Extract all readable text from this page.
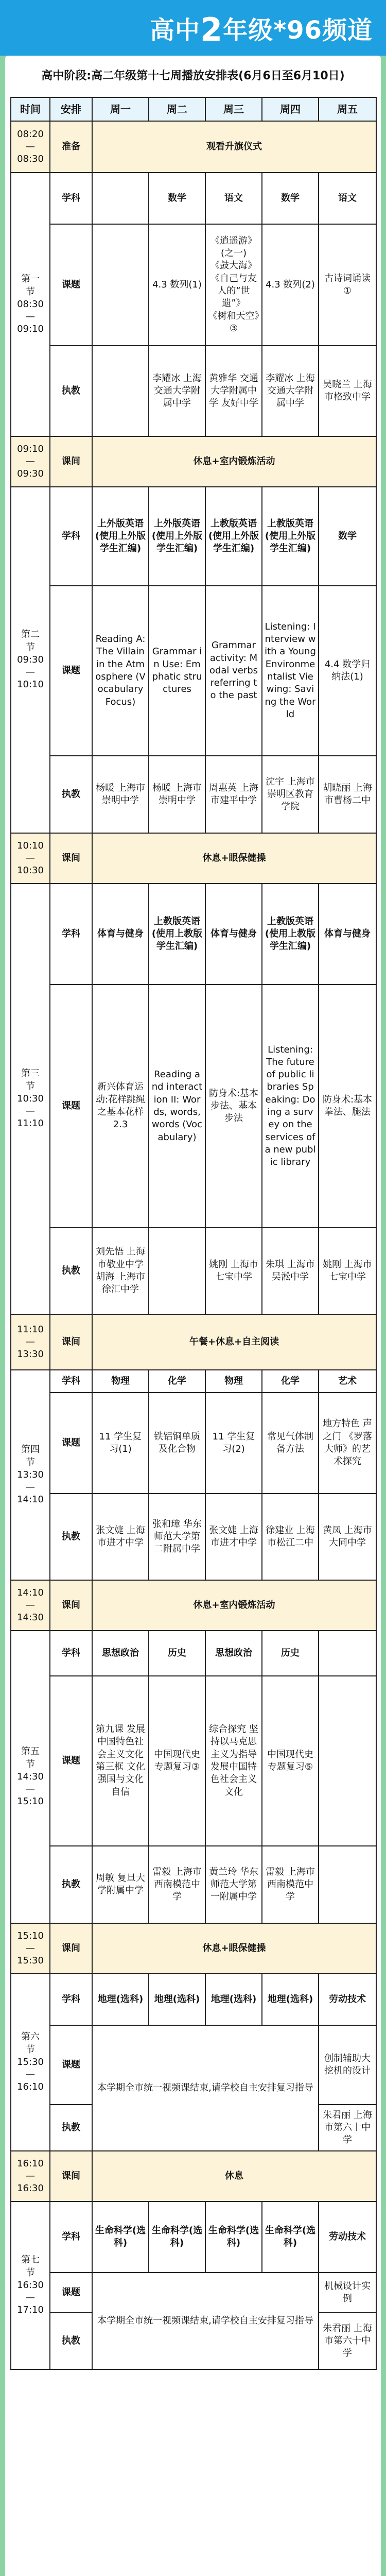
高中2年级*96频道
高中阶段:高二年级第十七周播放安排表(6月6日至6月10日)
时间	安排	周一	周二	周三	周四	周五
08:20
—
08:30	准备	观看升旗仪式				
第一
节
08:30
—
09:10	学科		数学	语文	数学	语文
	课题		4.3 数列(1)	《逍遥游》(之一)
《鼓大海》
《自己与友人的“世遗”》
《树和天空》③	4.3 数列(2)	古诗词诵读①
	执教		李耀冰 上海交通大学附属中学	黄雅华 交通大学附属中学 友好中学	李耀冰 上海交通大学附属中学	吴晓兰 上海市格致中学
09:10
—
09:30	课间	休息+室内锻炼活动				
第二
节
09:30
—
10:10	学科	上外版英语(使用上外版学生汇编)	上外版英语(使用上外版学生汇编)	上教版英语(使用上外版学生汇编)	上教版英语(使用上外版学生汇编)	数学
	课题	Reading A: The Villain in the Atmosphere (Vocabulary Focus)	Grammar in Use: Emphatic structures	Grammar activity: Modal verbs referring to the past	Listening: Interview with a Young Environmentalist Viewing: Saving the World	4.4 数学归纳法(1)
	执教	杨暖 上海市崇明中学	杨暖 上海市崇明中学	周惠英 上海市建平中学	沈宇 上海市崇明区教育学院	胡晓丽 上海市曹杨二中
10:10
—
10:30	课间	休息+眼保健操				
第三
节
10:30
—
11:10	学科	体育与健身	上教版英语(使用上教版学生汇编)	体育与健身	上教版英语(使用上教版学生汇编)	体育与健身
	课题	新兴体育运动:花样跳绳之基本花样 2.3	Reading and interaction II: Words, words, words (Vocabulary)	防身术:基本步法、基本步法	Listening: The future of public libraries Speaking: Doing a survey on the services of a new public library	防身术:基本拳法、腿法
	执教	刘先悟 上海市敬业中学 胡海 上海市徐汇中学		姚刚 上海市七宝中学	朱琪 上海市吴淞中学	姚刚 上海市七宝中学
11:10
—
13:30	课间	午餐+休息+自主阅读				
第四
节
13:30
—
14:10	学科	物理	化学	物理	化学	艺术
	课题	11 学生复习(1)	铁铝铜单质及化合物	11 学生复习(2)	常见气体制备方法	地方特色 声之门 《罗落大师》的艺术探究
	执教	张文婕 上海市进才中学	张和璋 华东师范大学第二附属中学	张文婕 上海市进才中学	徐建业 上海市松江二中	黄凤 上海市大同中学
14:10
—
14:30	课间	休息+室内锻炼活动				
第五
节
14:30
—
15:10	学科	思想政治	历史	思想政治	历史	
	课题	第九课 发展中国特色社会主义文化 第三框 文化强国与文化自信	中国现代史专题复习③	综合探究 坚持以马克思主义为指导发展中国特色社会主义文化	中国现代史专题复习⑤	
	执教	周敏 复旦大学附属中学	雷毅 上海市西南模范中学	黄兰玲 华东师范大学第一附属中学	雷毅 上海市西南模范中学	
15:10
—
15:30	课间	休息+眼保健操				
第六
节
15:30
—
16:10	学科	地理(选科)	地理(选科)	地理(选科)	地理(选科)	劳动技术
	课题	本学期全市统一视频课结束,请学校自主安排复习指导				创制辅助大挖机的设计
	执教					朱君丽 上海市第六十中学
16:10
—
16:30	课间	休息				
第七
节
16:30
—
17:10	学科	生命科学(选科)	生命科学(选科)	生命科学(选科)	生命科学(选科)	劳动技术
	课题	本学期全市统一视频课结束,请学校自主安排复习指导				机械设计实例
	执教					朱君丽 上海市第六十中学
